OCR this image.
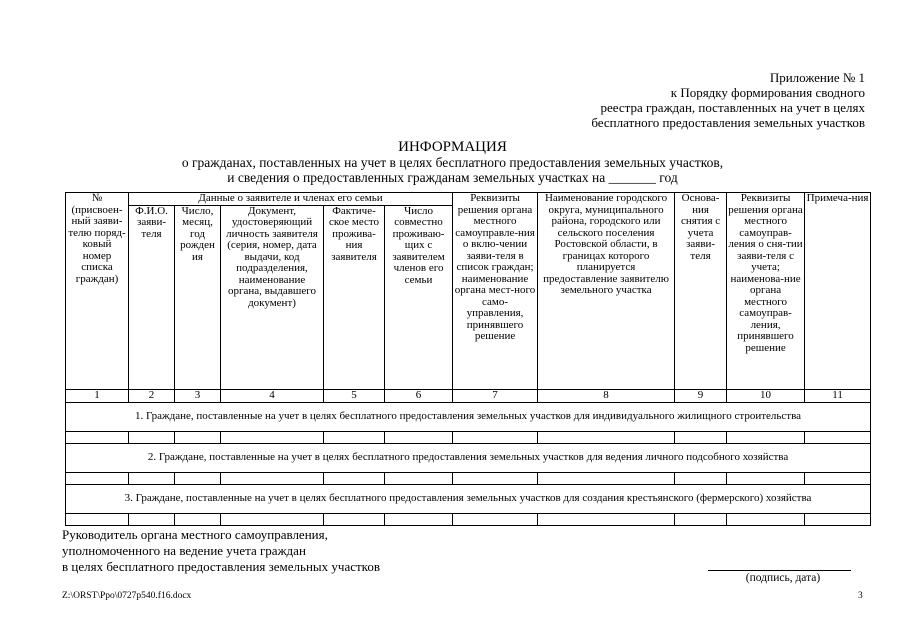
Приложение № 1
к Порядку формирования сводного
реестра граждан, поставленных на учет в целях
бесплатного предоставления земельных участков
ИНФОРМАЦИЯ
о гражданах, поставленных на учет в целях бесплатного предоставления земельных участков,
и сведения о предоставленных гражданам земельных участках на _______ год
№ (присвоен-ный заяви-телю поряд-ковый номер списка граждан)	Данные о заявителе и членах его семьи					Реквизиты решения органа местного самоуправле-ния о вклю-чении заяви-теля в список граждан; наименование органа мест-ного само-управления, принявшего решение	Наименование городского округа, муниципального района, городского или сельского поселения Ростовской области, в границах которого планируется предоставление заявителю земельного участка	Основа-ния снятия с учета заяви-теля	Реквизиты решения органа местного самоуправ-ления о сня-тии заяви-теля с учета; наименова-ние органа местного самоуправ-ления, принявшего решение	Примеча-ния
	Ф.И.О. заяви-теля	Число, месяц, год рожден ия	Документ, удостоверяющий личность заявителя (серия, номер, дата выдачи, код подразделения, наименование органа, выдавшего документ)	Фактиче-ское место прожива-ния заявителя	Число совместно проживаю-щих с заявителем членов его семьи					
1	2	3	4	5	6	7	8	9	10	11
1. Граждане, поставленные на учет в целях бесплатного предоставления земельных участков для индивидуального жилищного строительства										

2. Граждане, поставленные на учет в целях бесплатного предоставления земельных участков для ведения личного подсобного хозяйства										

3. Граждане, поставленные на учет в целях бесплатного предоставления земельных участков для создания крестьянского (фермерского) хозяйства										

Руководитель органа местного самоуправления,
уполномоченного на ведение учета граждан
в целях бесплатного предоставления земельных участков
(подпись, дата)
Z:\ORST\Ppo\0727p540.f16.docx	3
